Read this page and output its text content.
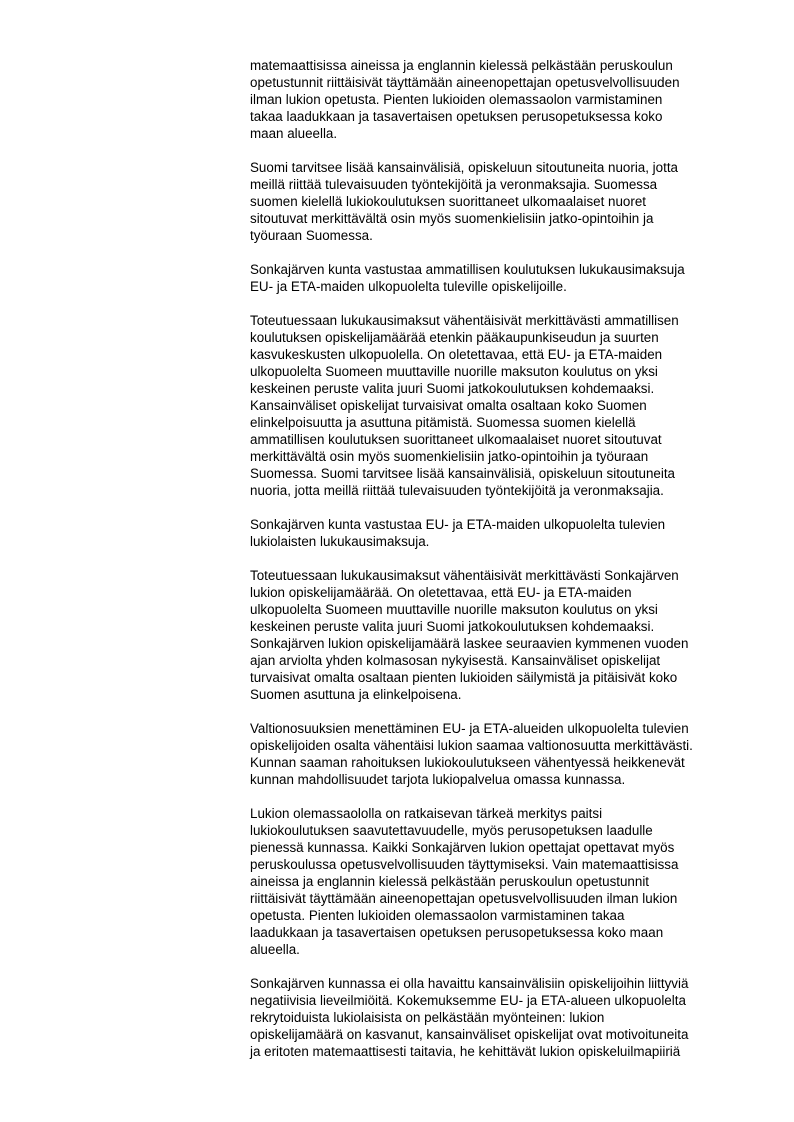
matemaattisissa aineissa ja englannin kielessä pelkästään peruskoulun
opetustunnit riittäisivät täyttämään aineenopettajan opetusvelvollisuuden
ilman lukion opetusta. Pienten lukioiden olemassaolon varmistaminen
takaa laadukkaan ja tasavertaisen opetuksen perusopetuksessa koko
maan alueella.
Suomi tarvitsee lisää kansainvälisiä, opiskeluun sitoutuneita nuoria, jotta
meillä riittää tulevaisuuden työntekijöitä ja veronmaksajia. Suomessa
suomen kielellä lukiokoulutuksen suorittaneet ulkomaalaiset nuoret
sitoutuvat merkittävältä osin myös suomenkielisiin jatko-opintoihin ja
työuraan Suomessa.
Sonkajärven kunta vastustaa ammatillisen koulutuksen lukukausimaksuja
EU- ja ETA-maiden ulkopuolelta tuleville opiskelijoille.
Toteutuessaan lukukausimaksut vähentäisivät merkittävästi ammatillisen
koulutuksen opiskelijamäärää etenkin pääkaupunkiseudun ja suurten
kasvukeskusten ulkopuolella. On oletettavaa, että EU- ja ETA-maiden
ulkopuolelta Suomeen muuttaville nuorille maksuton koulutus on yksi
keskeinen peruste valita juuri Suomi jatkokoulutuksen kohdemaaksi.
Kansainväliset opiskelijat turvaisivat omalta osaltaan koko Suomen
elinkelpoisuutta ja asuttuna pitämistä. Suomessa suomen kielellä
ammatillisen koulutuksen suorittaneet ulkomaalaiset nuoret sitoutuvat
merkittävältä osin myös suomenkielisiin jatko-opintoihin ja työuraan
Suomessa. Suomi tarvitsee lisää kansainvälisiä, opiskeluun sitoutuneita
nuoria, jotta meillä riittää tulevaisuuden työntekijöitä ja veronmaksajia.
Sonkajärven kunta vastustaa EU- ja ETA-maiden ulkopuolelta tulevien
lukiolaisten lukukausimaksuja.
Toteutuessaan lukukausimaksut vähentäisivät merkittävästi Sonkajärven
lukion opiskelijamäärää. On oletettavaa, että EU- ja ETA-maiden
ulkopuolelta Suomeen muuttaville nuorille maksuton koulutus on yksi
keskeinen peruste valita juuri Suomi jatkokoulutuksen kohdemaaksi.
Sonkajärven lukion opiskelijamäärä laskee seuraavien kymmenen vuoden
ajan arviolta yhden kolmasosan nykyisestä. Kansainväliset opiskelijat
turvaisivat omalta osaltaan pienten lukioiden säilymistä ja pitäisivät koko
Suomen asuttuna ja elinkelpoisena.
Valtionosuuksien menettäminen EU- ja ETA-alueiden ulkopuolelta tulevien
opiskelijoiden osalta vähentäisi lukion saamaa valtionosuutta merkittävästi.
Kunnan saaman rahoituksen lukiokoulutukseen vähentyessä heikkenevät
kunnan mahdollisuudet tarjota lukiopalvelua omassa kunnassa.
Lukion olemassaololla on ratkaisevan tärkeä merkitys paitsi
lukiokoulutuksen saavutettavuudelle, myös perusopetuksen laadulle
pienessä kunnassa. Kaikki Sonkajärven lukion opettajat opettavat myös
peruskoulussa opetusvelvollisuuden täyttymiseksi. Vain matemaattisissa
aineissa ja englannin kielessä pelkästään peruskoulun opetustunnit
riittäisivät täyttämään aineenopettajan opetusvelvollisuuden ilman lukion
opetusta. Pienten lukioiden olemassaolon varmistaminen takaa
laadukkaan ja tasavertaisen opetuksen perusopetuksessa koko maan
alueella.
Sonkajärven kunnassa ei olla havaittu kansainvälisiin opiskelijoihin liittyviä
negatiivisia lieveilmiöitä. Kokemuksemme EU- ja ETA-alueen ulkopuolelta
rekrytoiduista lukiolaisista on pelkästään myönteinen: lukion
opiskelijamäärä on kasvanut, kansainväliset opiskelijat ovat motivoituneita
ja eritoten matemaattisesti taitavia, he kehittävät lukion opiskeluilmapiiriä
